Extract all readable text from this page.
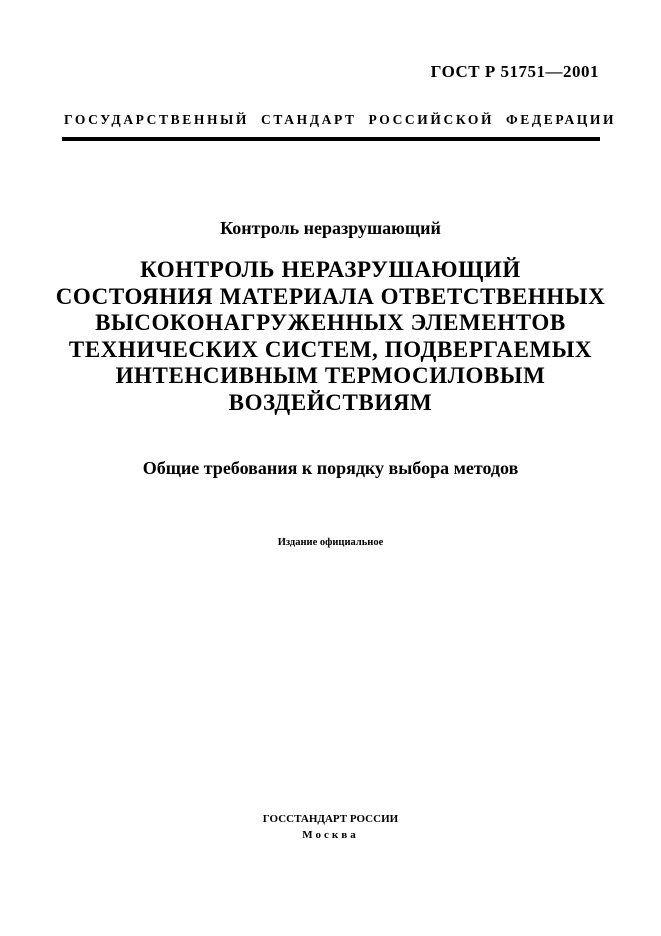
ГОСТ Р 51751—2001
ГОСУДАРСТВЕННЫЙ СТАНДАРТ РОССИЙСКОЙ ФЕДЕРАЦИИ
Контроль неразрушающий
КОНТРОЛЬ НЕРАЗРУШАЮЩИЙ
СОСТОЯНИЯ МАТЕРИАЛА ОТВЕТСТВЕННЫХ
ВЫСОКОНАГРУЖЕННЫХ ЭЛЕМЕНТОВ
ТЕХНИЧЕСКИХ СИСТЕМ, ПОДВЕРГАЕМЫХ
ИНТЕНСИВНЫМ ТЕРМОСИЛОВЫМ
ВОЗДЕЙСТВИЯМ
Общие требования к порядку выбора методов
Издание официальное
ГОССТАНДАРТ РОССИИ
Москва
